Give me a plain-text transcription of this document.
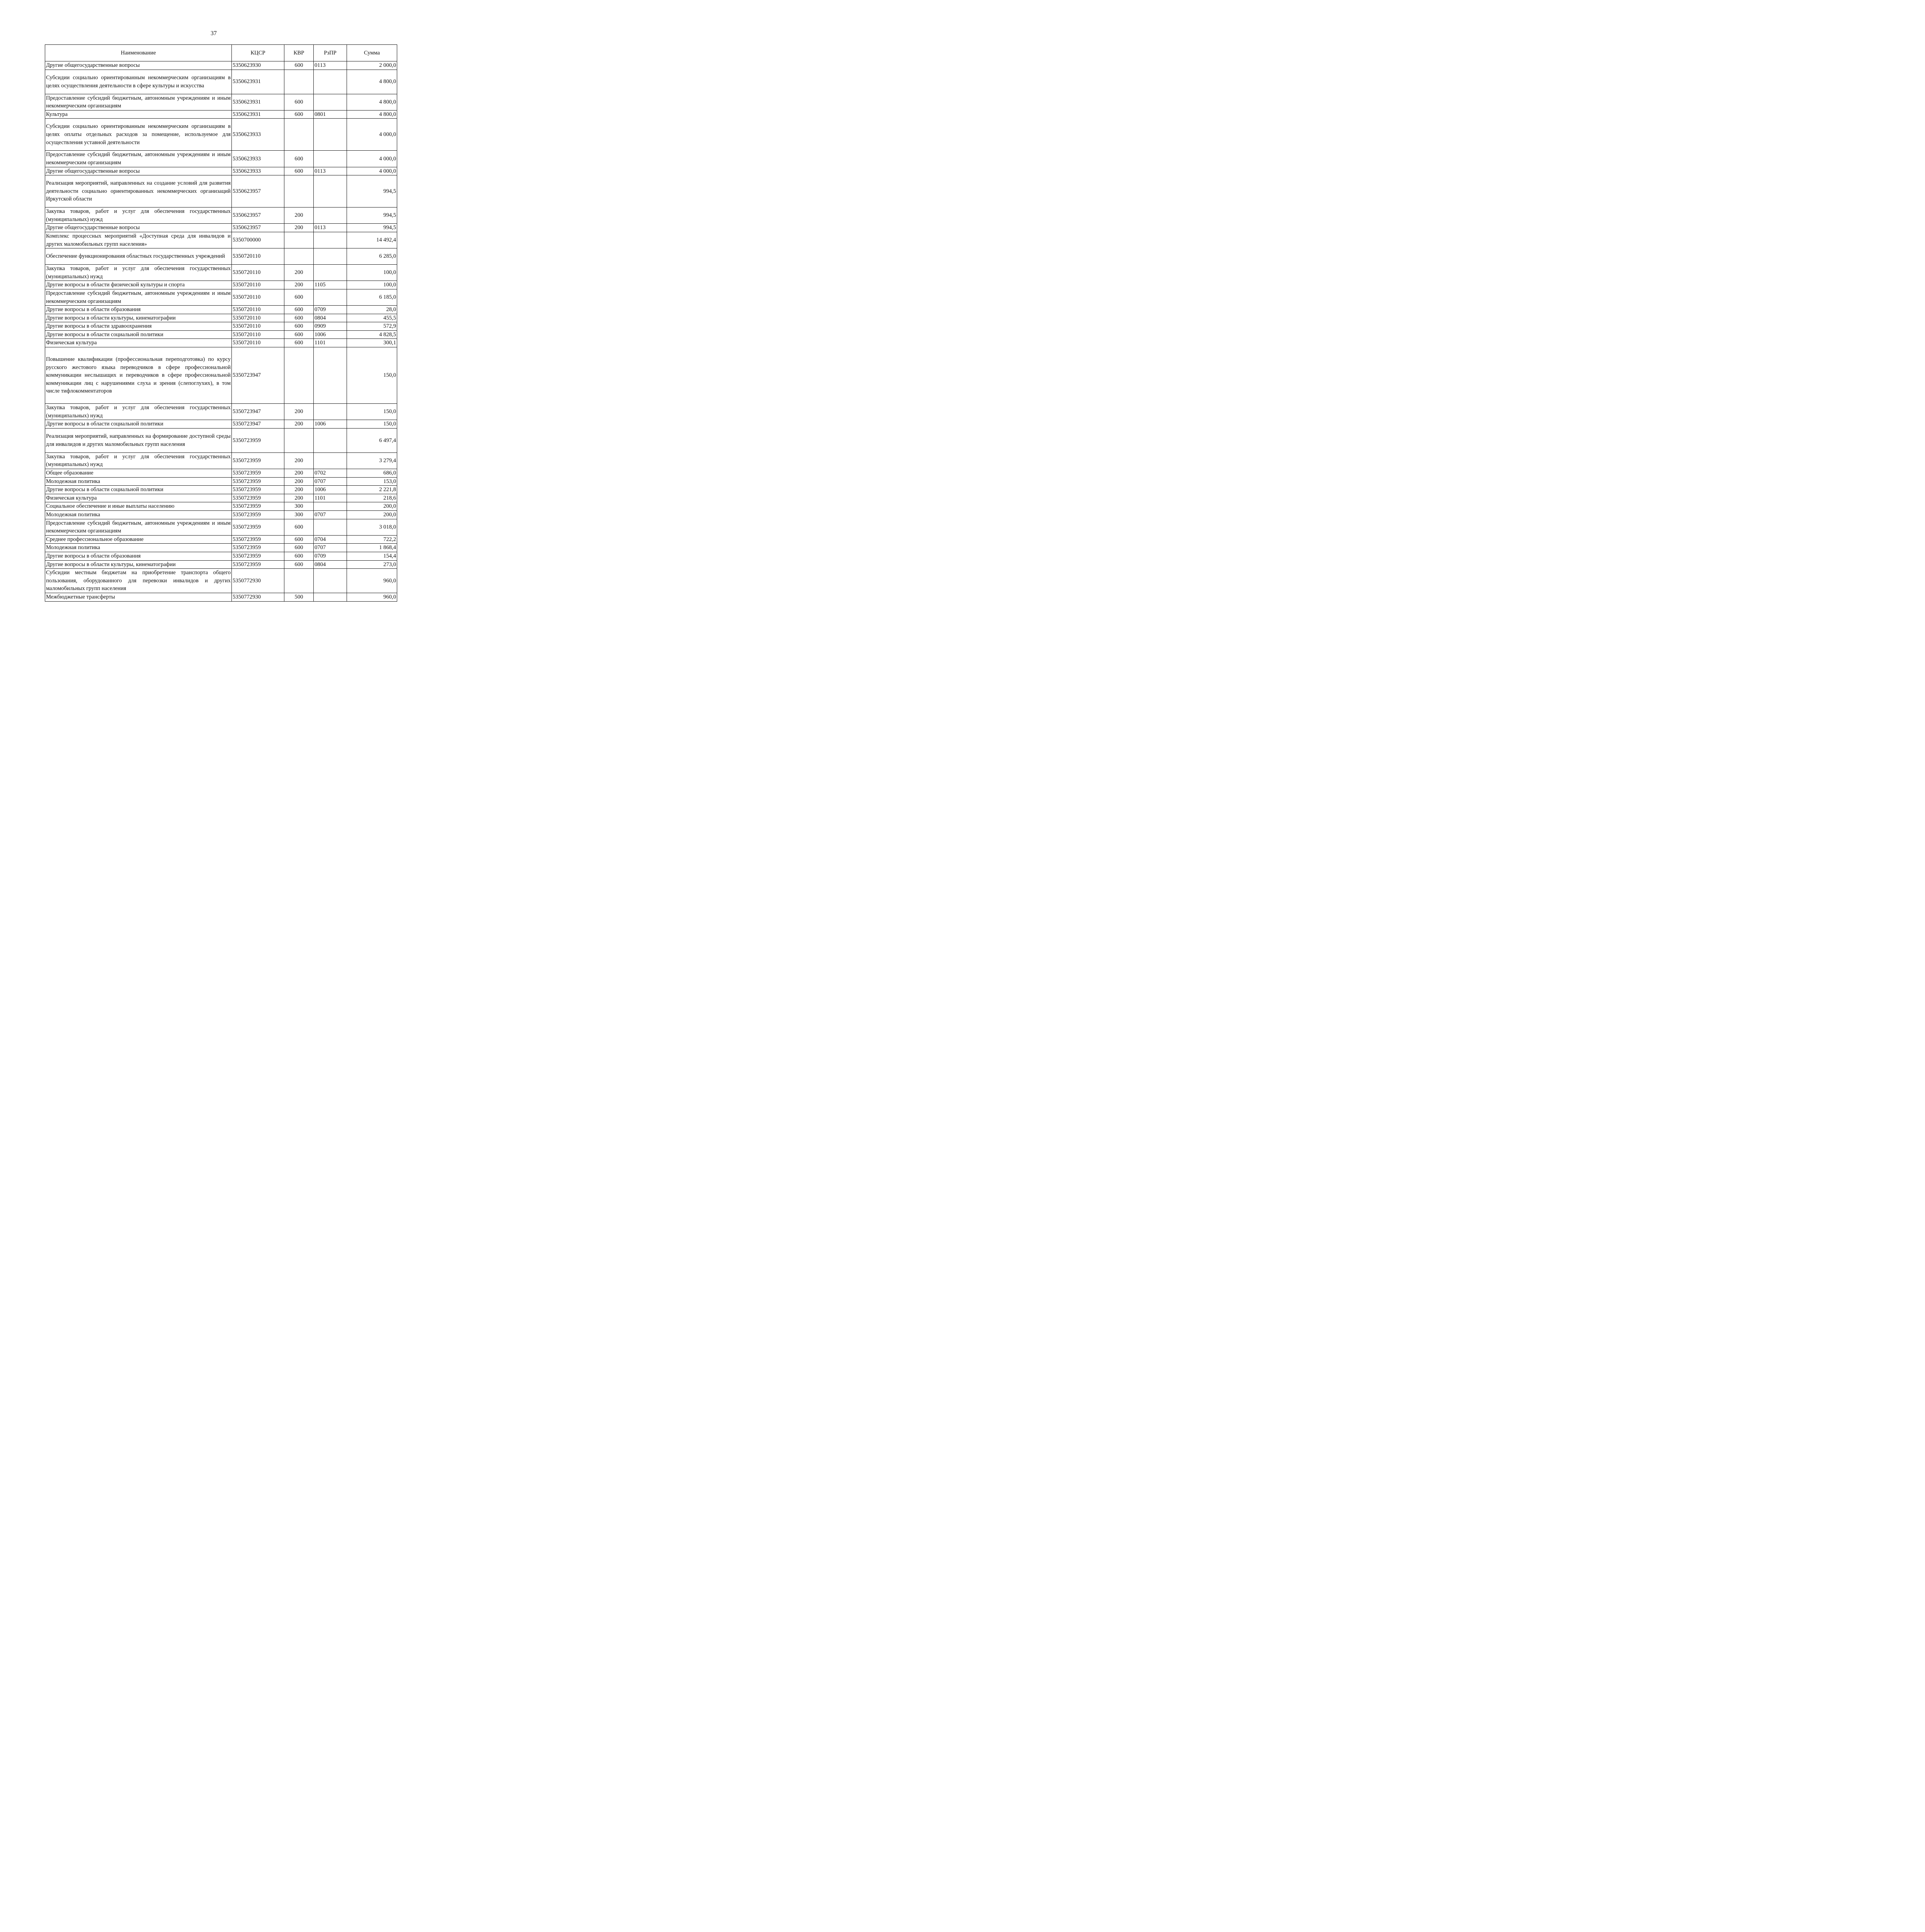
37
Наименование	КЦСР	КВР	РзПР	Сумма
Другие общегосударственные вопросы	5350623930	600	0113	2 000,0
Субсидии социально ориентированным некоммерческим организациям в целях осуществления деятельности в сфере культуры и искусства	5350623931			4 800,0
Предоставление субсидий бюджетным, автономным учреждениям и иным некоммерческим организациям	5350623931	600		4 800,0
Культура	5350623931	600	0801	4 800,0
Субсидии социально ориентированным некоммерческим организациям в целях оплаты отдельных расходов за помещение, используемое для осуществления уставной деятельности	5350623933			4 000,0
Предоставление субсидий бюджетным, автономным учреждениям и иным некоммерческим организациям	5350623933	600		4 000,0
Другие общегосударственные вопросы	5350623933	600	0113	4 000,0
Реализация мероприятий, направленных на создание условий для развития деятельности социально ориентированных некоммерческих организаций Иркутской области	5350623957			994,5
Закупка товаров, работ и услуг для обеспечения государственных (муниципальных) нужд	5350623957	200		994,5
Другие общегосударственные вопросы	5350623957	200	0113	994,5
Комплекс процессных мероприятий «Доступная среда для инвалидов и других маломобильных групп населения»	5350700000			14 492,4
Обеспечение функционирования областных государственных учреждений	5350720110			6 285,0
Закупка товаров, работ и услуг для обеспечения государственных (муниципальных) нужд	5350720110	200		100,0
Другие вопросы в области физической культуры и спорта	5350720110	200	1105	100,0
Предоставление субсидий бюджетным, автономным учреждениям и иным некоммерческим организациям	5350720110	600		6 185,0
Другие вопросы в области образования	5350720110	600	0709	28,0
Другие вопросы в области культуры, кинематографии	5350720110	600	0804	455,5
Другие вопросы в области здравоохранения	5350720110	600	0909	572,9
Другие вопросы в области социальной политики	5350720110	600	1006	4 828,5
Физическая культура	5350720110	600	1101	300,1
Повышение квалификации (профессиональная переподготовка) по курсу русского жестового языка переводчиков в сфере профессиональной коммуникации неслышащих и переводчиков в сфере профессиональной коммуникации лиц с нарушениями слуха и зрения (слепоглухих), в том числе тифлокомментаторов	5350723947			150,0
Закупка товаров, работ и услуг для обеспечения государственных (муниципальных) нужд	5350723947	200		150,0
Другие вопросы в области социальной политики	5350723947	200	1006	150,0
Реализация мероприятий, направленных на формирование доступной среды для инвалидов и других маломобильных групп населения	5350723959			6 497,4
Закупка товаров, работ и услуг для обеспечения государственных (муниципальных) нужд	5350723959	200		3 279,4
Общее образование	5350723959	200	0702	686,0
Молодежная политика	5350723959	200	0707	153,0
Другие вопросы в области социальной политики	5350723959	200	1006	2 221,8
Физическая культура	5350723959	200	1101	218,6
Социальное обеспечение и иные выплаты населению	5350723959	300		200,0
Молодежная политика	5350723959	300	0707	200,0
Предоставление субсидий бюджетным, автономным учреждениям и иным некоммерческим организациям	5350723959	600		3 018,0
Среднее профессиональное образование	5350723959	600	0704	722,2
Молодежная политика	5350723959	600	0707	1 868,4
Другие вопросы в области образования	5350723959	600	0709	154,4
Другие вопросы в области культуры, кинематографии	5350723959	600	0804	273,0
Субсидии местным бюджетам на приобретение транспорта общего пользования, оборудованного для перевозки инвалидов и других маломобильных групп населения	5350772930			960,0
Межбюджетные трансферты	5350772930	500		960,0
